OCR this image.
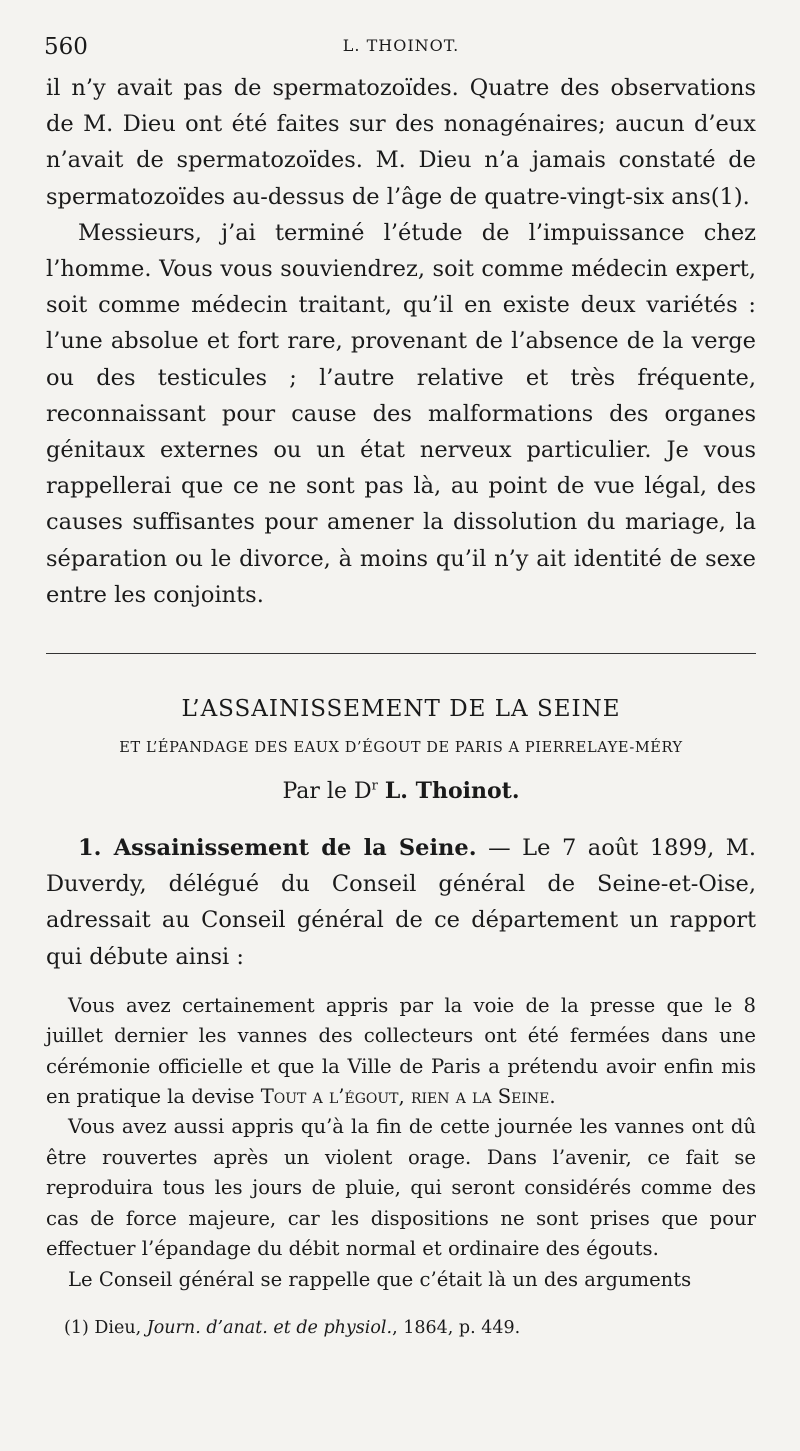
560	L. THOINOT.

il n’y avait pas de spermatozoïdes. Quatre des observations de M. Dieu ont été faites sur des nonagénaires; aucun d’eux n’avait de spermatozoïdes. M. Dieu n’a jamais constaté de spermatozoïdes au-dessus de l’âge de quatre-vingt-six ans(1).

Messieurs, j’ai terminé l’étude de l’impuissance chez l’homme. Vous vous souviendrez, soit comme médecin expert, soit comme médecin traitant, qu’il en existe deux variétés : l’une absolue et fort rare, provenant de l’absence de la verge ou des testicules ; l’autre relative et très fréquente, reconnaissant pour cause des malformations des organes génitaux externes ou un état nerveux particulier. Je vous rappellerai que ce ne sont pas là, au point de vue légal, des causes suffisantes pour amener la dissolution du mariage, la séparation ou le divorce, à moins qu’il n’y ait identité de sexe entre les conjoints.

L’ASSAINISSEMENT DE LA SEINE
ET L’ÉPANDAGE DES EAUX D’ÉGOUT DE PARIS A PIERRELAYE-MÉRY
Par le $D^r$ L. Thoinot.

1. Assainissement de la Seine. — Le 7 août 1899, M. Duverdy, délégué du Conseil général de Seine-et-Oise, adressait au Conseil général de ce département un rapport qui débute ainsi :

Vous avez certainement appris par la voie de la presse que le 8 juillet dernier les vannes des collecteurs ont été fermées dans une cérémonie officielle et que la Ville de Paris a prétendu avoir enfin mis en pratique la devise Tout a l’égout, rien a la Seine.

Vous avez aussi appris qu’à la fin de cette journée les vannes ont dû être rouvertes après un violent orage. Dans l’avenir, ce fait se reproduira tous les jours de pluie, qui seront considérés comme des cas de force majeure, car les dispositions ne sont prises que pour effectuer l’épandage du débit normal et ordinaire des égouts.

Le Conseil général se rappelle que c’était là un des arguments

(1) Dieu, Journ. d’anat. et de physiol., 1864, p. 449.
